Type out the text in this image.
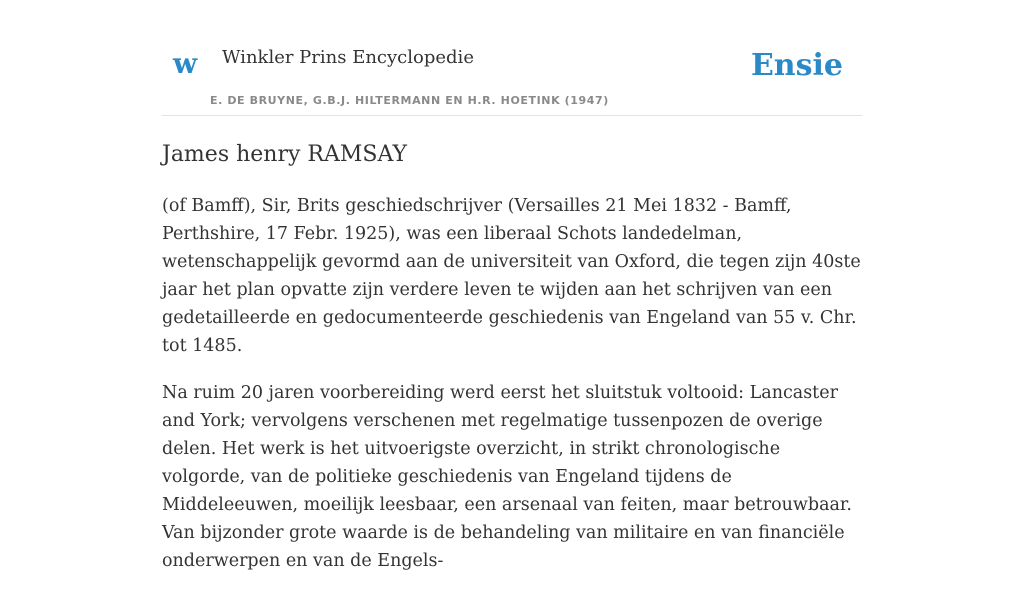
w Winkler Prins Encyclopedie
E. DE BRUYNE, G.B.J. HILTERMANN EN H.R. HOETINK (1947)
Ensie
James henry RAMSAY

(of Bamff), Sir, Brits geschiedschrijver (Versailles 21 Mei 1832 - Bamff, Perthshire, 17 Febr. 1925), was een liberaal Schots landedelman, wetenschappelijk gevormd aan de universiteit van Oxford, die tegen zijn 40ste jaar het plan opvatte zijn verdere leven te wijden aan het schrijven van een gedetailleerde en gedocumenteerde geschiedenis van Engeland van 55 v. Chr. tot 1485.

Na ruim 20 jaren voorbereiding werd eerst het sluitstuk voltooid: Lancaster and York; vervolgens verschenen met regelmatige tussenpozen de overige delen. Het werk is het uitvoerigste overzicht, in strikt chronologische volgorde, van de politieke geschiedenis van Engeland tijdens de Middeleeuwen, moeilijk leesbaar, een arsenaal van feiten, maar betrouwbaar. Van bijzonder grote waarde is de behandeling van militaire en van financiële onderwerpen en van de Engels-
